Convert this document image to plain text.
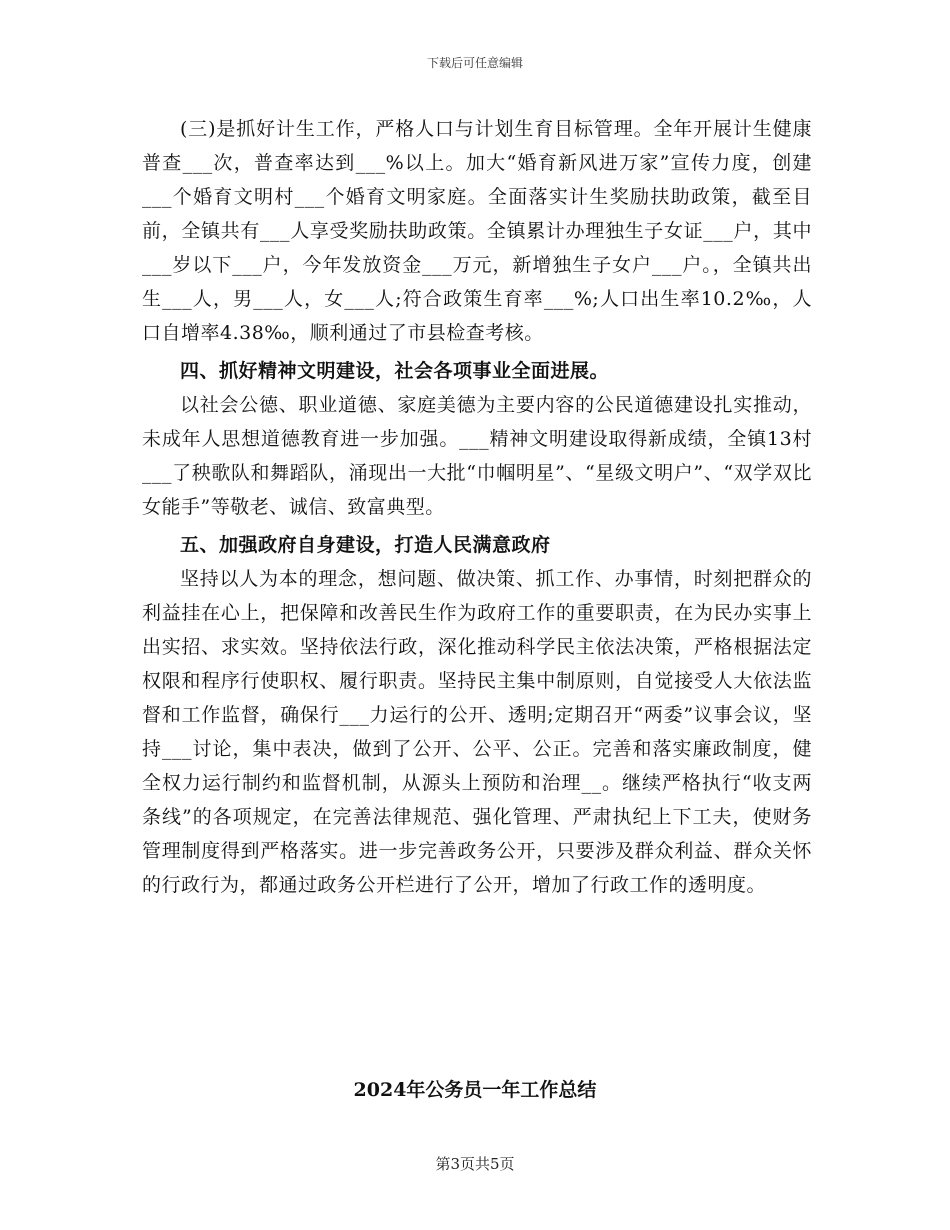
下载后可任意编辑

(三)是抓好计生工作，严格人口与计划生育目标管理。全年开展计生健康普查___次，普查率达到___%以上。加大“婚育新风进万家”宣传力度，创建___个婚育文明村___个婚育文明家庭。全面落实计生奖励扶助政策，截至目前，全镇共有___人享受奖励扶助政策。全镇累计办理独生子女证___户，其中___岁以下___户，今年发放资金___万元，新增独生子女户___户。，全镇共出生___人，男___人，女___人;符合政策生育率___%;人口出生率10.2‰，人口自增率4.38‰，顺利通过了市县检查考核。

四、抓好精神文明建设，社会各项事业全面进展。

以社会公德、职业道德、家庭美德为主要内容的公民道德建设扎实推动，未成年人思想道德教育进一步加强。___精神文明建设取得新成绩，全镇13村___了秧歌队和舞蹈队，涌现出一大批“巾帼明星”、“星级文明户”、“双学双比女能手”等敬老、诚信、致富典型。

五、加强政府自身建设，打造人民满意政府

坚持以人为本的理念，想问题、做决策、抓工作、办事情，时刻把群众的利益挂在心上，把保障和改善民生作为政府工作的重要职责，在为民办实事上出实招、求实效。坚持依法行政，深化推动科学民主依法决策，严格根据法定权限和程序行使职权、履行职责。坚持民主集中制原则，自觉接受人大依法监督和工作监督，确保行___力运行的公开、透明;定期召开“两委”议事会议，坚持___讨论，集中表决，做到了公开、公平、公正。完善和落实廉政制度，健全权力运行制约和监督机制，从源头上预防和治理__。继续严格执行“收支两条线”的各项规定，在完善法律规范、强化管理、严肃执纪上下工夫，使财务管理制度得到严格落实。进一步完善政务公开，只要涉及群众利益、群众关怀的行政行为，都通过政务公开栏进行了公开，增加了行政工作的透明度。

2024年公务员一年工作总结
第3页共5页
